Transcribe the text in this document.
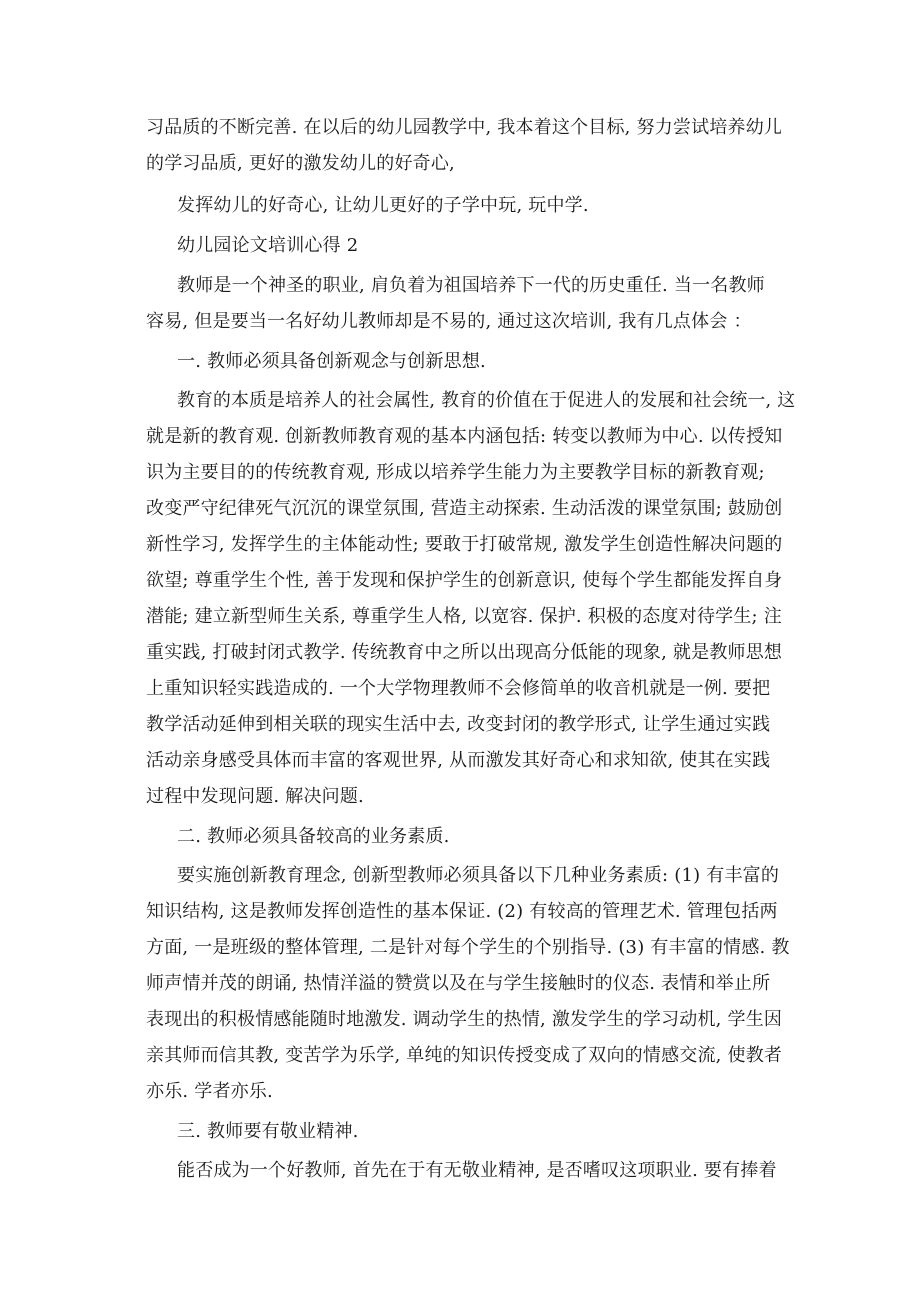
习品质的不断完善. 在以后的幼儿园教学中, 我本着这个目标, 努力尝试培养幼儿
的学习品质, 更好的激发幼儿的好奇心,
发挥幼儿的好奇心, 让幼儿更好的子学中玩, 玩中学.
幼儿园论文培训心得 2
教师是一个神圣的职业, 肩负着为祖国培养下一代的历史重任. 当一名教师
容易, 但是要当一名好幼儿教师却是不易的, 通过这次培训, 我有几点体会 ：
一. 教师必须具备创新观念与创新思想.
教育的本质是培养人的社会属性, 教育的价值在于促进人的发展和社会统一, 这
就是新的教育观. 创新教师教育观的基本内涵包括: 转变以教师为中心. 以传授知
识为主要目的的传统教育观, 形成以培养学生能力为主要教学目标的新教育观;
改变严守纪律死气沉沉的课堂氛围, 营造主动探索. 生动活泼的课堂氛围; 鼓励创
新性学习, 发挥学生的主体能动性; 要敢于打破常规, 激发学生创造性解决问题的
欲望; 尊重学生个性, 善于发现和保护学生的创新意识, 使每个学生都能发挥自身
潜能; 建立新型师生关系, 尊重学生人格, 以宽容. 保护. 积极的态度对待学生; 注
重实践, 打破封闭式教学. 传统教育中之所以出现高分低能的现象, 就是教师思想
上重知识轻实践造成的. 一个大学物理教师不会修简单的收音机就是一例. 要把
教学活动延伸到相关联的现实生活中去, 改变封闭的教学形式, 让学生通过实践
活动亲身感受具体而丰富的客观世界, 从而激发其好奇心和求知欲, 使其在实践
过程中发现问题. 解决问题.
二. 教师必须具备较高的业务素质.
要实施创新教育理念, 创新型教师必须具备以下几种业务素质: (1) 有丰富的
知识结构, 这是教师发挥创造性的基本保证. (2) 有较高的管理艺术. 管理包括两
方面, 一是班级的整体管理, 二是针对每个学生的个别指导. (3) 有丰富的情感. 教
师声情并茂的朗诵, 热情洋溢的赞赏以及在与学生接触时的仪态. 表情和举止所
表现出的积极情感能随时地激发. 调动学生的热情, 激发学生的学习动机, 学生因
亲其师而信其教, 变苦学为乐学, 单纯的知识传授变成了双向的情感交流, 使教者
亦乐. 学者亦乐.
三. 教师要有敬业精神.
能否成为一个好教师, 首先在于有无敬业精神, 是否嗜叹这项职业. 要有捧着
